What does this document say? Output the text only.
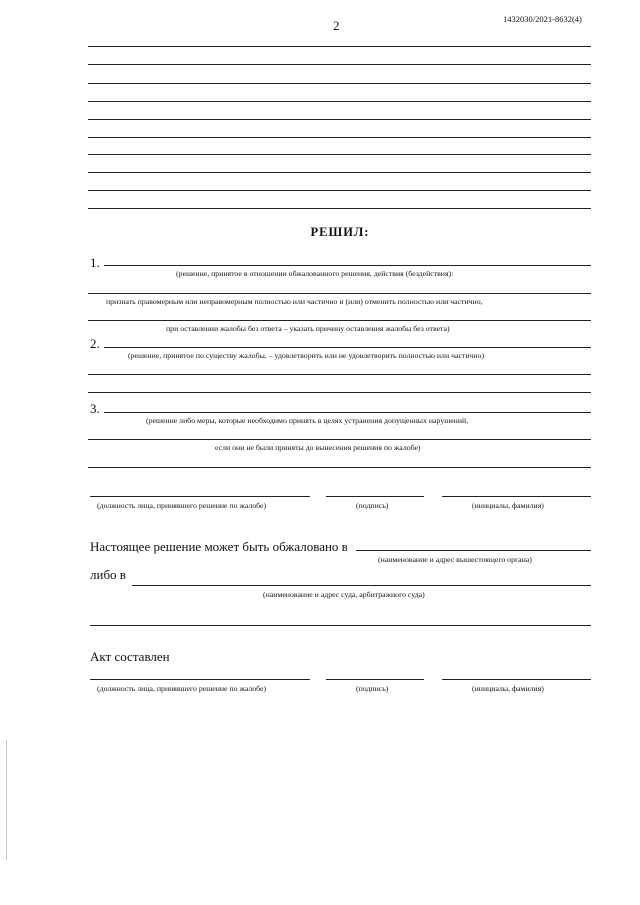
2	1432030/2021-8632(4)
РЕШИЛ:
1.
(решение, принятое в отношении обжалованного решения, действия (бездействия):
признать правомерным или неправомерным полностью или частично и (или) отменить полностью или частично,
при оставлении жалобы без ответа – указать причину оставления жалобы без ответа)
2.
(решение, принятое по существу жалобы, – удовлетворить или не удовлетворить полностью или частично)
3.
(решение либо меры, которые необходимо принять в целях устранения допущенных нарушений,
если они не были приняты до вынесения решения по жалобе)
(должность лица, принявшего решение по жалобе)	(подпись)	(инициалы, фамилия)
Настоящее решение может быть обжаловано в
(наименование и адрес вышестоящего органа)
либо в
(наименование и адрес суда, арбитражного суда)
Акт составлен
(должность лица, принявшего решение по жалобе)	(подпись)	(инициалы, фамилия)
